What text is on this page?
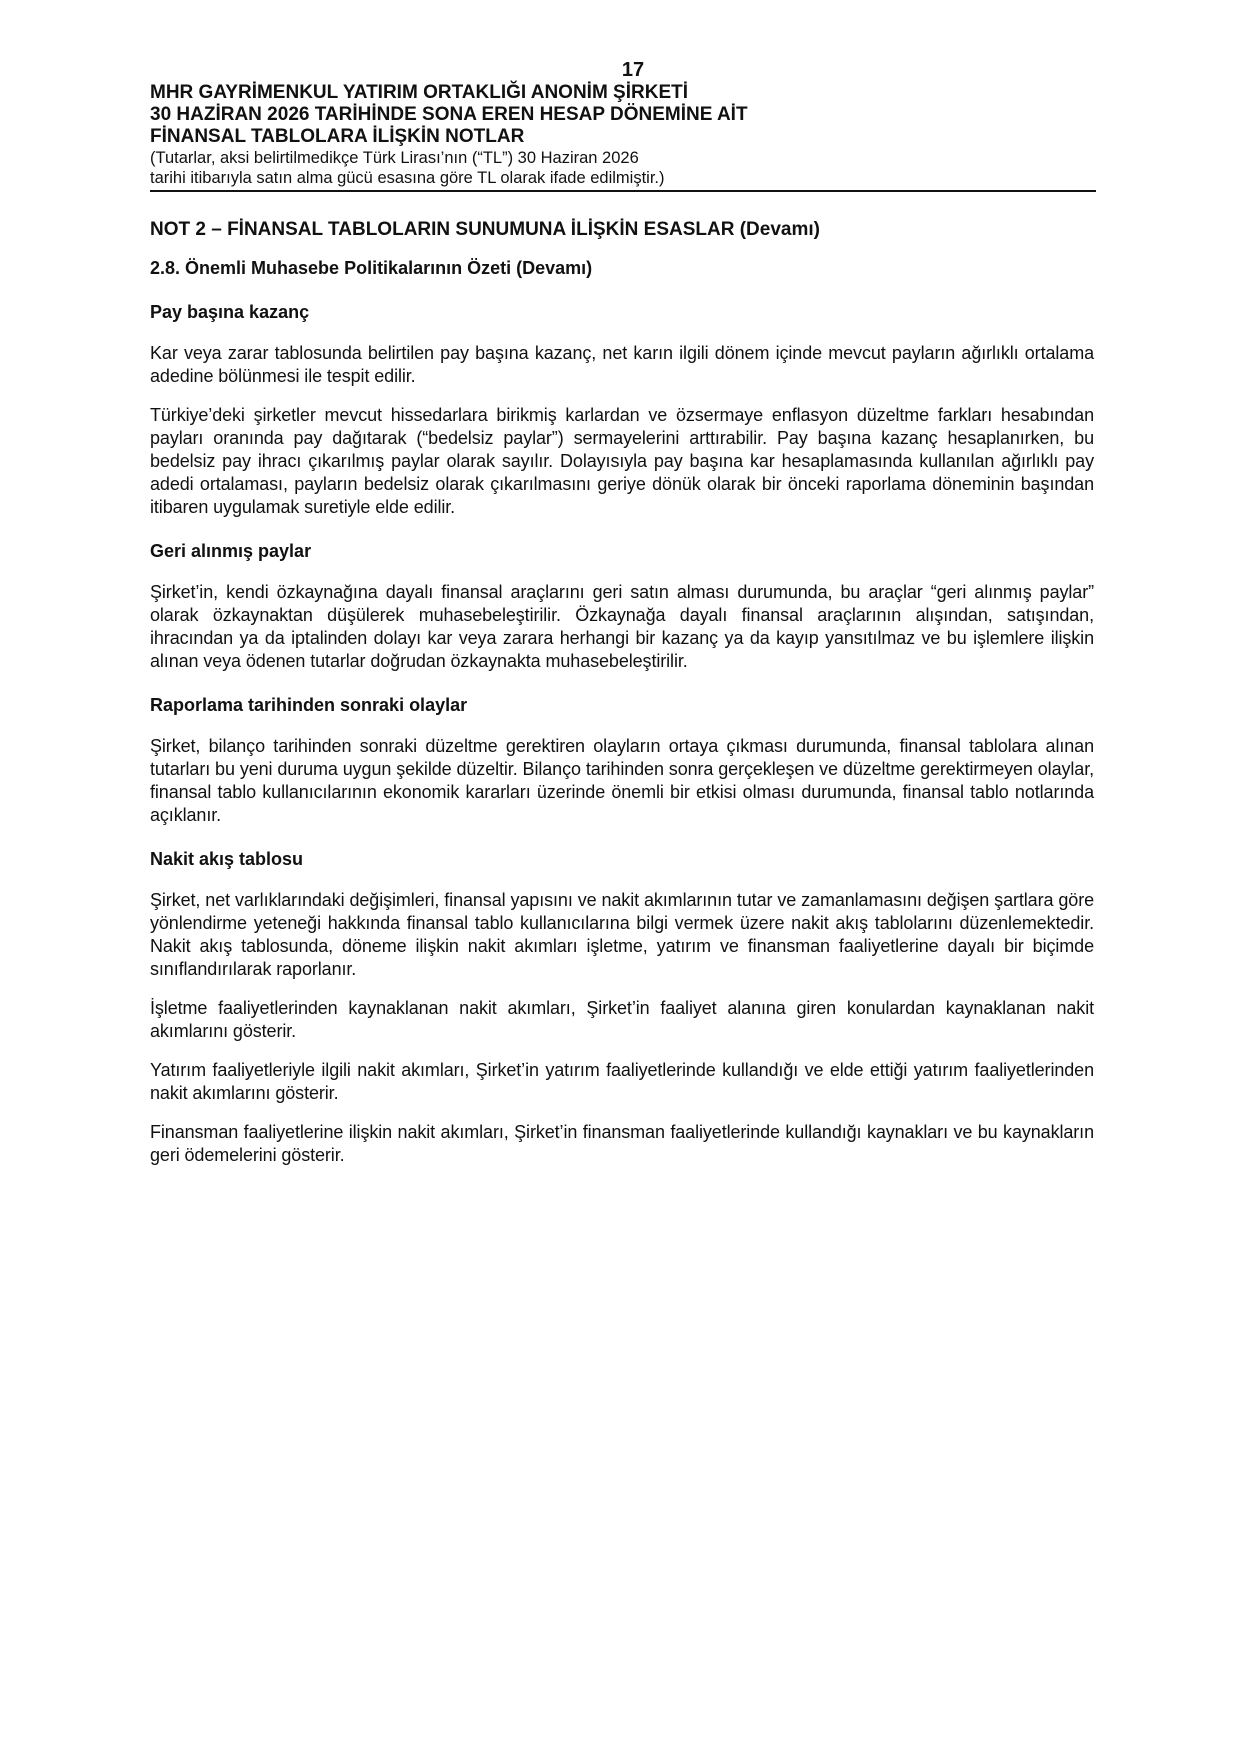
17

MHR GAYRİMENKUL YATIRIM ORTAKLIĞI ANONİM ŞİRKETİ

30 HAZİRAN 2026 TARİHİNDE SONA EREN HESAP DÖNEMİNE AİT

FİNANSAL TABLOLARA İLİŞKİN NOTLAR

(Tutarlar, aksi belirtilmedikçe Türk Lirası’nın (“TL”) 30 Haziran 2026

tarihi itibarıyla satın alma gücü esasına göre TL olarak ifade edilmiştir.)

NOT 2 – FİNANSAL TABLOLARIN SUNUMUNA İLİŞKİN ESASLAR (Devamı)

2.8. Önemli Muhasebe Politikalarının Özeti (Devamı)

Pay başına kazanç

Kar veya zarar tablosunda belirtilen pay başına kazanç, net karın ilgili dönem içinde mevcut payların ağırlıklı ortalama adedine bölünmesi ile tespit edilir.

Türkiye’deki şirketler mevcut hissedarlara birikmiş karlardan ve özsermaye enflasyon düzeltme farkları hesabından payları oranında pay dağıtarak (“bedelsiz paylar”) sermayelerini arttırabilir. Pay başına kazanç hesaplanırken, bu bedelsiz pay ihracı çıkarılmış paylar olarak sayılır. Dolayısıyla pay başına kar hesaplamasında kullanılan ağırlıklı pay adedi ortalaması, payların bedelsiz olarak çıkarılmasını geriye dönük olarak bir önceki raporlama döneminin başından itibaren uygulamak suretiyle elde edilir.

Geri alınmış paylar

Şirket’in, kendi özkaynağına dayalı finansal araçlarını geri satın alması durumunda, bu araçlar “geri alınmış paylar” olarak özkaynaktan düşülerek muhasebeleştirilir. Özkaynağa dayalı finansal araçlarının alışından, satışından, ihracından ya da iptalinden dolayı kar veya zarara herhangi bir kazanç ya da kayıp yansıtılmaz ve bu işlemlere ilişkin alınan veya ödenen tutarlar doğrudan özkaynakta muhasebeleştirilir.

Raporlama tarihinden sonraki olaylar

Şirket, bilanço tarihinden sonraki düzeltme gerektiren olayların ortaya çıkması durumunda, finansal tablolara alınan tutarları bu yeni duruma uygun şekilde düzeltir. Bilanço tarihinden sonra gerçekleşen ve düzeltme gerektirmeyen olaylar, finansal tablo kullanıcılarının ekonomik kararları üzerinde önemli bir etkisi olması durumunda, finansal tablo notlarında açıklanır.

Nakit akış tablosu

Şirket, net varlıklarındaki değişimleri, finansal yapısını ve nakit akımlarının tutar ve zamanlamasını değişen şartlara göre yönlendirme yeteneği hakkında finansal tablo kullanıcılarına bilgi vermek üzere nakit akış tablolarını düzenlemektedir. Nakit akış tablosunda, döneme ilişkin nakit akımları işletme, yatırım ve finansman faaliyetlerine dayalı bir biçimde sınıflandırılarak raporlanır.

İşletme faaliyetlerinden kaynaklanan nakit akımları, Şirket’in faaliyet alanına giren konulardan kaynaklanan nakit akımlarını gösterir.

Yatırım faaliyetleriyle ilgili nakit akımları, Şirket’in yatırım faaliyetlerinde kullandığı ve elde ettiği yatırım faaliyetlerinden nakit akımlarını gösterir.

Finansman faaliyetlerine ilişkin nakit akımları, Şirket’in finansman faaliyetlerinde kullandığı kaynakları ve bu kaynakların geri ödemelerini gösterir.
